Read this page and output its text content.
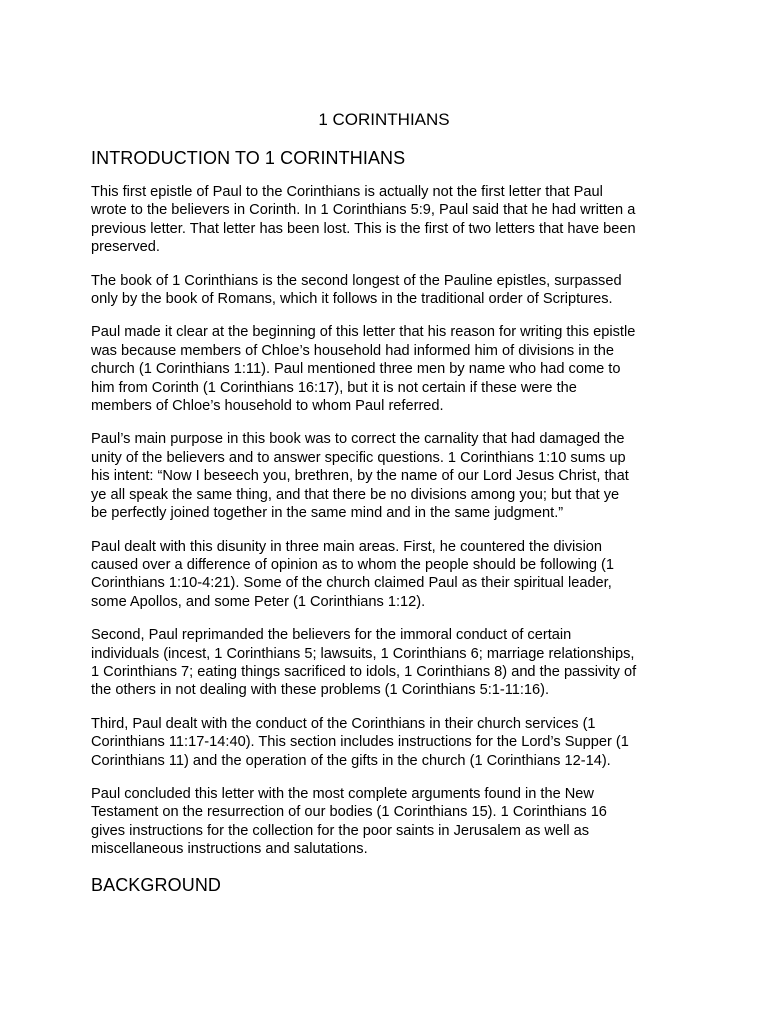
1 CORINTHIANS
INTRODUCTION TO 1 CORINTHIANS

This first epistle of Paul to the Corinthians is actually not the first letter that Paul
wrote to the believers in Corinth. In 1 Corinthians 5:9, Paul said that he had written a
previous letter. That letter has been lost. This is the first of two letters that have been
preserved.

The book of 1 Corinthians is the second longest of the Pauline epistles, surpassed
only by the book of Romans, which it follows in the traditional order of Scriptures.

Paul made it clear at the beginning of this letter that his reason for writing this epistle
was because members of Chloe’s household had informed him of divisions in the
church (1 Corinthians 1:11). Paul mentioned three men by name who had come to
him from Corinth (1 Corinthians 16:17), but it is not certain if these were the
members of Chloe’s household to whom Paul referred.

Paul’s main purpose in this book was to correct the carnality that had damaged the
unity of the believers and to answer specific questions. 1 Corinthians 1:10 sums up
his intent: “Now I beseech you, brethren, by the name of our Lord Jesus Christ, that
ye all speak the same thing, and that there be no divisions among you; but that ye
be perfectly joined together in the same mind and in the same judgment.”

Paul dealt with this disunity in three main areas. First, he countered the division
caused over a difference of opinion as to whom the people should be following (1
Corinthians 1:10-4:21). Some of the church claimed Paul as their spiritual leader,
some Apollos, and some Peter (1 Corinthians 1:12).

Second, Paul reprimanded the believers for the immoral conduct of certain
individuals (incest, 1 Corinthians 5; lawsuits, 1 Corinthians 6; marriage relationships,
1 Corinthians 7; eating things sacrificed to idols, 1 Corinthians 8) and the passivity of
the others in not dealing with these problems (1 Corinthians 5:1-11:16).

Third, Paul dealt with the conduct of the Corinthians in their church services (1
Corinthians 11:17-14:40). This section includes instructions for the Lord’s Supper (1
Corinthians 11) and the operation of the gifts in the church (1 Corinthians 12-14).

Paul concluded this letter with the most complete arguments found in the New
Testament on the resurrection of our bodies (1 Corinthians 15). 1 Corinthians 16
gives instructions for the collection for the poor saints in Jerusalem as well as
miscellaneous instructions and salutations.

BACKGROUND
